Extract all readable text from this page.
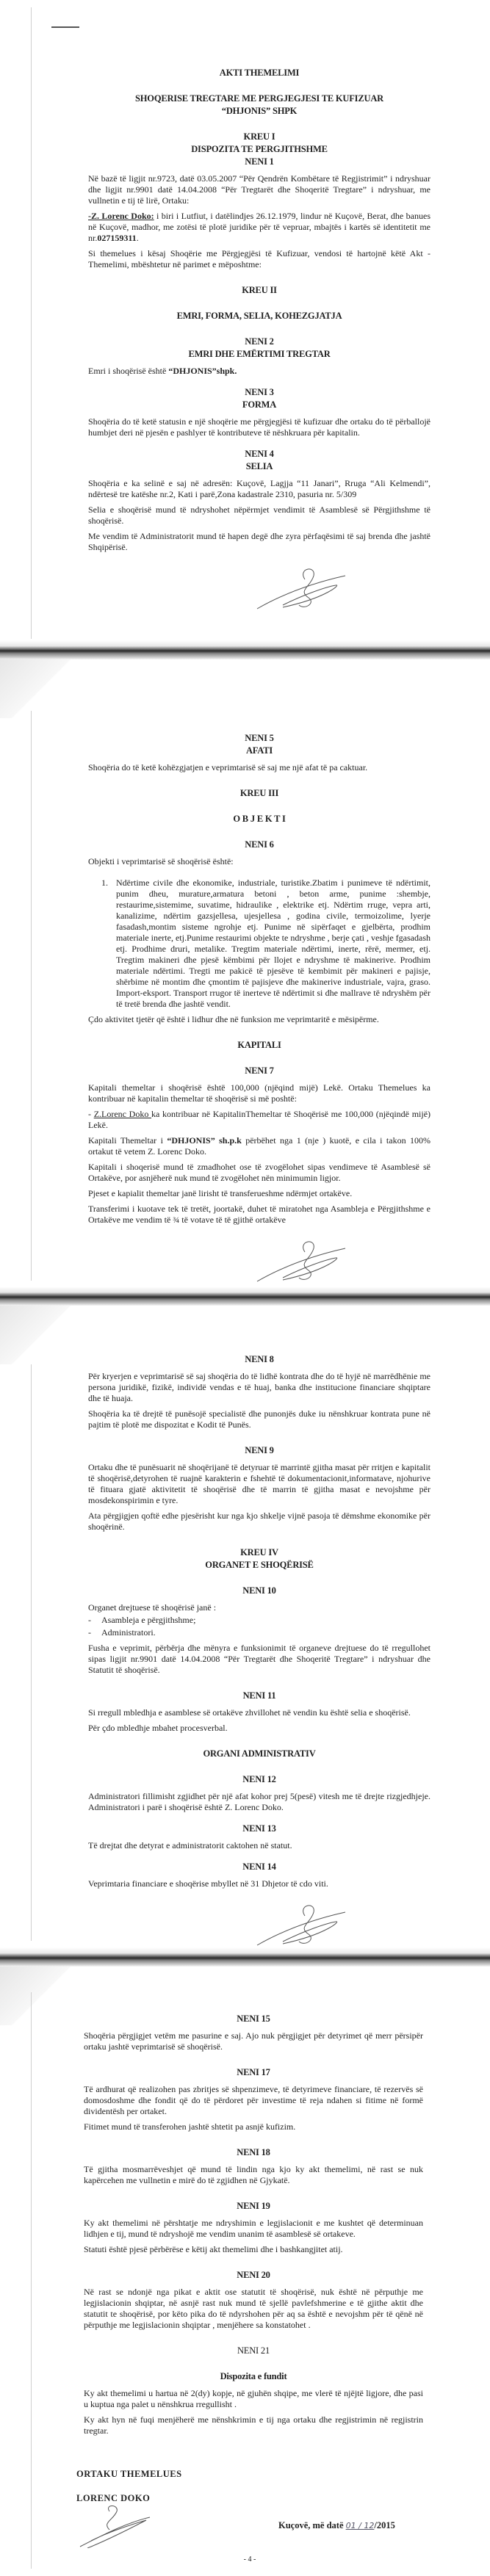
AKTI THEMELIMI
SHOQERISE TREGTARE ME PERGJEGJESI TE KUFIZUAR
“DHJONIS” SHPK
KREU I
DISPOZITA TE PERGJITHSHME
NENI 1
Në bazë të ligjit nr.9723, datë 03.05.2007 “Për Qendrën Kombëtare të Regjistrimit” i ndryshuar dhe ligjit nr.9901 datë 14.04.2008 “Për Tregtarët dhe Shoqeritë Tregtare” i ndryshuar, me vullnetin e tij të lirë, Ortaku:
-Z. Lorenc Doko: i biri i Lutfiut, i datëlindjes 26.12.1979, lindur në Kuçovë, Berat, dhe banues në Kuçovë, madhor, me zotësi të plotë juridike për të vepruar, mbajtës i kartës së identitetit me nr.027159311.
Si themelues i kësaj Shoqërie me Përgjegjësi të Kufizuar, vendosi të hartojnë këtë Akt - Themelimi, mbështetur në parimet e mëposhtme:
KREU II
EMRI, FORMA, SELIA, KOHEZGJATJA
NENI 2
EMRI DHE EMËRTIMI TREGTAR
Emri i shoqërisë është “DHJONIS”shpk.
NENI 3
FORMA
Shoqëria do të ketë statusin e një shoqërie me përgjegjësi të kufizuar dhe ortaku do të përballojë humbjet deri në pjesën e pashlyer të kontributeve të nëshkruara për kapitalin.
NENI 4
SELIA
Shoqëria e ka selinë e saj në adresën: Kuçovë, Lagjja “11 Janari”, Rruga “Ali Kelmendi”, ndërtesë tre katëshe nr.2, Kati i parë,Zona kadastrale 2310, pasuria nr. 5/309
Selia e shoqërisë mund të ndryshohet nëpërmjet vendimit të Asamblesë së Përgjithshme të shoqërisë.
Me vendim të Administratorit mund të hapen degë dhe zyra përfaqësimi të saj brenda dhe jashtë Shqipërisë.
NENI 5
AFATI
Shoqëria do të ketë kohëzgjatjen e veprimtarisë së saj me një afat të pa caktuar.
KREU III
O B J E K T I
NENI 6
Objekti i veprimtarisë së shoqërisë është:
1. Ndërtime civile dhe ekonomike, industriale, turistike.Zbatim i punimeve të ndërtimit, punim dheu, murature,armatura betoni , beton arme, punime :shembje, restaurime,sistemime, suvatime, hidraulike , elektrike etj. Ndërtim rruge, vepra arti, kanalizime, ndërtim gazsjellesa, ujesjellesa , godina civile, termoizolime, lyerje fasadash,montim sisteme ngrohje etj. Punime në sipërfaqet e gjelbërta, prodhim materiale inerte, etj.Punime restaurimi objekte te ndryshme , berje çati , veshje fgasadash etj. Prodhime druri, metalike. Tregtim materiale ndërtimi, inerte, rërë, mermer, etj. Tregtim makineri dhe pjesë këmbimi për llojet e ndryshme të makinerive. Prodhim materiale ndërtimi. Tregti me pakicë të pjesëve të kembimit për makineri e pajisje, shërbime në montim dhe çmontim të pajisjeve dhe makinerive industriale, vajra, graso. Import-eksport. Transport rrugor të inerteve të ndërtimit si dhe mallrave të ndryshëm për të tretë brenda dhe jashtë vendit.
Çdo aktivitet tjetër që është i lidhur dhe në funksion me veprimtaritë e mësipërme.
KAPITALI
NENI 7
Kapitali themeltar i shoqërisë është 100,000 (njëqind mijë) Lekë. Ortaku Themelues ka kontribuar në kapitalin themeltar të shoqërisë si më poshtë:
- Z.Lorenc Doko ka kontribuar në KapitalinThemeltar të Shoqërisë me 100,000 (njëqindë mijë) Lekë.
Kapitali Themeltar i “DHJONIS” sh.p.k përbëhet nga 1 (nje ) kuotë, e cila i takon 100% ortakut të vetem Z. Lorenc Doko.
Kapitali i shoqerisë mund të zmadhohet ose të zvogëlohet sipas vendimeve të Asamblesë së Ortakëve, por asnjëherë nuk mund të zvogëlohet nën minimumin ligjor.
Pjeset e kapialit themeltar janë lirisht të transferueshme ndërmjet ortakëve.
Transferimi i kuotave tek të tretët, joortakë, duhet të miratohet nga Asambleja e Përgjithshme e Ortakëve me vendim të ¾ të votave të të gjithë ortakëve
NENI 8
Për kryerjen e veprimtarisë së saj shoqëria do të lidhë kontrata dhe do të hyjë në marrëdhënie me persona juridikë, fizikë, individë vendas e të huaj, banka dhe institucione financiare shqiptare dhe të huaja.
Shoqëria ka të drejtë të punësojë specialistë dhe punonjës duke iu nënshkruar kontrata pune në pajtim të plotë me dispozitat e Kodit të Punës.
NENI 9
Ortaku dhe të punësuarit në shoqërijanë të detyruar të marrintë gjitha masat për rritjen e kapitalit të shoqërisë,detyrohen të ruajnë karakterin e fshehtë të dokumentacionit,informatave, njohurive të fituara gjatë aktivitetit të shoqërisë dhe të marrin të gjitha masat e nevojshme për mosdekonspirimin e tyre.
Ata përgjigjen qoftë edhe pjesërisht kur nga kjo shkelje vijnë pasoja të dëmshme ekonomike për shoqërinë.
KREU IV
ORGANET E SHOQËRISË
NENI 10
Organet drejtuese të shoqërisë janë :
-	Asambleja e përgjithshme;
-	Administratori.
Fusha e veprimit, përbërja dhe mënyra e funksionimit të organeve drejtuese do të rregullohet sipas ligjit nr.9901 datë 14.04.2008 “Për Tregtarët dhe Shoqeritë Tregtare” i ndryshuar dhe Statutit të shoqërisë.
NENI 11
Si rregull mbledhja e asamblese së ortakëve zhvillohet në vendin ku është selia e shoqërisë.
Për çdo mbledhje mbahet procesverbal.
ORGANI ADMINISTRATIV
NENI 12
Administratori fillimisht zgjidhet për një afat kohor prej 5(pesë) vitesh me të drejte rizgjedhjeje. Administratori i parë i shoqërisë është Z. Lorenc Doko.
NENI 13
Të drejtat dhe detyrat e administratorit caktohen në statut.
NENI 14
Veprimtaria financiare e shoqërise mbyllet në 31 Dhjetor të cdo viti.
NENI 15
Shoqëria përgjigjet vetëm me pasurine e saj. Ajo nuk përgjigjet për detyrimet që merr përsipër ortaku jashtë veprimtarisë së shoqërisë.
NENI 17
Të ardhurat që realizohen pas zbritjes së shpenzimeve, të detyrimeve financiare, të rezervës së domosdoshme dhe fondit që do të përdoret për investime të reja ndahen si fitime në formë dividentësh per ortaket.
Fitimet mund të transferohen jashtë shtetit pa asnjë kufizim.
NENI 18
Të gjitha mosmarrëveshjet që mund të lindin nga kjo ky akt themelimi, në rast se nuk kapërcehen me vullnetin e mirë do të zgjidhen në Gjykatë.
NENI 19
Ky akt themelimi në përshtatje me ndryshimin e legjislacionit e me kushtet që determinuan lidhjen e tij, mund të ndryshojë me vendim unanim të asamblesë së ortakeve.
Statuti është pjesë përbërëse e këtij akt themelimi dhe i bashkangjitet atij.
NENI 20
Në rast se ndonjë nga pikat e aktit ose statutit të shoqërisë, nuk është në përputhje me legjislacionin shqiptar, në asnjë rast nuk mund të sjellë pavlefshmerine e të gjithe aktit dhe statutit te shoqërisë, por këto pika do të ndyrshohen për aq sa është e nevojshm për të qënë në përputhje me legjislacionin shqiptar , menjëhere sa konstatohet .
NENI 21
Dispozita e fundit
Ky akt themelimi u hartua në 2(dy) kopje, në gjuhën shqipe, me vlerë të njëjtë ligjore, dhe pasi u kuptua nga palet u nënshkrua rregullisht .
Ky akt hyn në fuqi menjëherë me nënshkrimin e tij nga ortaku dhe regjistrimin në regjistrin tregtar.
ORTAKU THEMELUES
LORENC DOKO
Kuçovë, më datë 01 / 12/2015
- 4 -
